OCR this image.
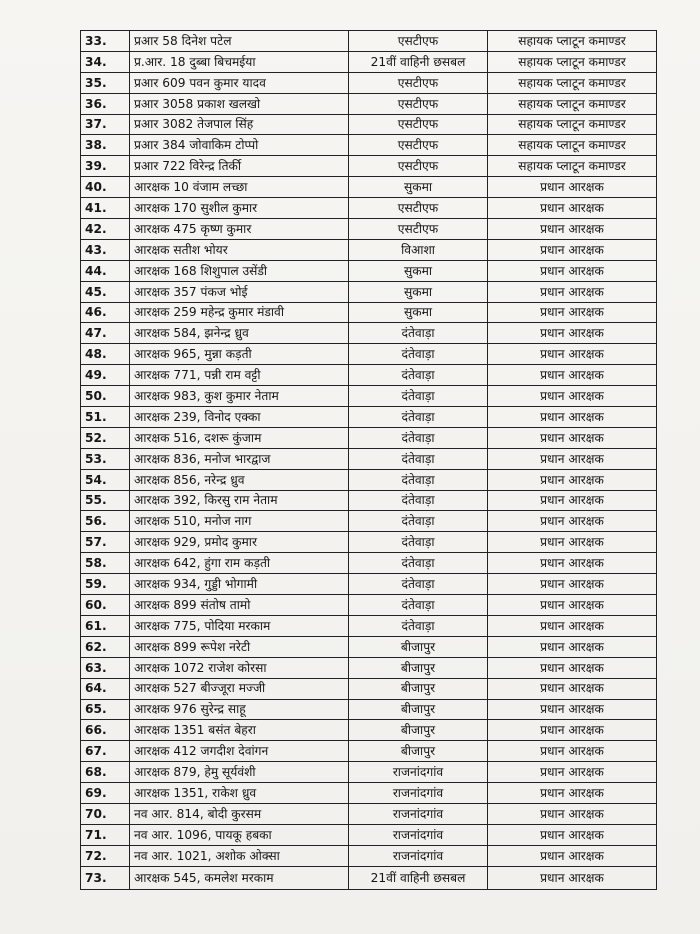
33.	प्रआर 58 दिनेश पटेल	एसटीएफ	सहायक प्लाटून कमाण्डर
34.	प्र.आर. 18 दुब्बा बिचमईया	21वीं वाहिनी छसबल	सहायक प्लाटून कमाण्डर
35.	प्रआर 609 पवन कुमार यादव	एसटीएफ	सहायक प्लाटून कमाण्डर
36.	प्रआर 3058 प्रकाश खलखो	एसटीएफ	सहायक प्लाटून कमाण्डर
37.	प्रआर 3082 तेजपाल सिंह	एसटीएफ	सहायक प्लाटून कमाण्डर
38.	प्रआर 384 जोवाकिम टोप्पो	एसटीएफ	सहायक प्लाटून कमाण्डर
39.	प्रआर 722 विरेन्द्र तिर्की	एसटीएफ	सहायक प्लाटून कमाण्डर
40.	आरक्षक 10 वंजाम लच्छा	सुकमा	प्रधान आरक्षक
41.	आरक्षक 170 सुशील कुमार	एसटीएफ	प्रधान आरक्षक
42.	आरक्षक 475 कृष्ण कुमार	एसटीएफ	प्रधान आरक्षक
43.	आरक्षक सतीश भोयर	विआशा	प्रधान आरक्षक
44.	आरक्षक 168 शिशुपाल उसेंडी	सुकमा	प्रधान आरक्षक
45.	आरक्षक 357 पंकज भोई	सुकमा	प्रधान आरक्षक
46.	आरक्षक 259 महेन्द्र कुमार मंडावी	सुकमा	प्रधान आरक्षक
47.	आरक्षक 584, झनेन्द्र ध्रुव	दंतेवाड़ा	प्रधान आरक्षक
48.	आरक्षक 965, मुन्ना कड़ती	दंतेवाड़ा	प्रधान आरक्षक
49.	आरक्षक 771, पन्नी राम वट्टी	दंतेवाड़ा	प्रधान आरक्षक
50.	आरक्षक 983, कुश कुमार नेताम	दंतेवाड़ा	प्रधान आरक्षक
51.	आरक्षक 239, विनोद एक्का	दंतेवाड़ा	प्रधान आरक्षक
52.	आरक्षक 516, दशरू कुंजाम	दंतेवाड़ा	प्रधान आरक्षक
53.	आरक्षक 836, मनोज भारद्वाज	दंतेवाड़ा	प्रधान आरक्षक
54.	आरक्षक 856, नरेन्द्र ध्रुव	दंतेवाड़ा	प्रधान आरक्षक
55.	आरक्षक 392, किरसु राम नेताम	दंतेवाड़ा	प्रधान आरक्षक
56.	आरक्षक 510, मनोज नाग	दंतेवाड़ा	प्रधान आरक्षक
57.	आरक्षक 929, प्रमोद कुमार	दंतेवाड़ा	प्रधान आरक्षक
58.	आरक्षक 642, हुंगा राम कड़ती	दंतेवाड़ा	प्रधान आरक्षक
59.	आरक्षक 934, गुड्डी भोगामी	दंतेवाड़ा	प्रधान आरक्षक
60.	आरक्षक 899 संतोष तामो	दंतेवाड़ा	प्रधान आरक्षक
61.	आरक्षक 775, पोदिया मरकाम	दंतेवाड़ा	प्रधान आरक्षक
62.	आरक्षक 899 रूपेश नरेटी	बीजापुर	प्रधान आरक्षक
63.	आरक्षक 1072 राजेश कोरसा	बीजापुर	प्रधान आरक्षक
64.	आरक्षक 527 बीज्जूरा मज्जी	बीजापुर	प्रधान आरक्षक
65.	आरक्षक 976 सुरेन्द्र साहू	बीजापुर	प्रधान आरक्षक
66.	आरक्षक 1351 बसंत बेहरा	बीजापुर	प्रधान आरक्षक
67.	आरक्षक 412 जगदीश देवांगन	बीजापुर	प्रधान आरक्षक
68.	आरक्षक 879, हेमु सूर्यवंशी	राजनांदगांव	प्रधान आरक्षक
69.	आरक्षक 1351, राकेश ध्रुव	राजनांदगांव	प्रधान आरक्षक
70.	नव आर. 814, बोदी कुरसम	राजनांदगांव	प्रधान आरक्षक
71.	नव आर. 1096, पायकू हबका	राजनांदगांव	प्रधान आरक्षक
72.	नव आर. 1021, अशोक ओक्सा	राजनांदगांव	प्रधान आरक्षक
73.	आरक्षक 545, कमलेश मरकाम	21वीं वाहिनी छसबल	प्रधान आरक्षक
